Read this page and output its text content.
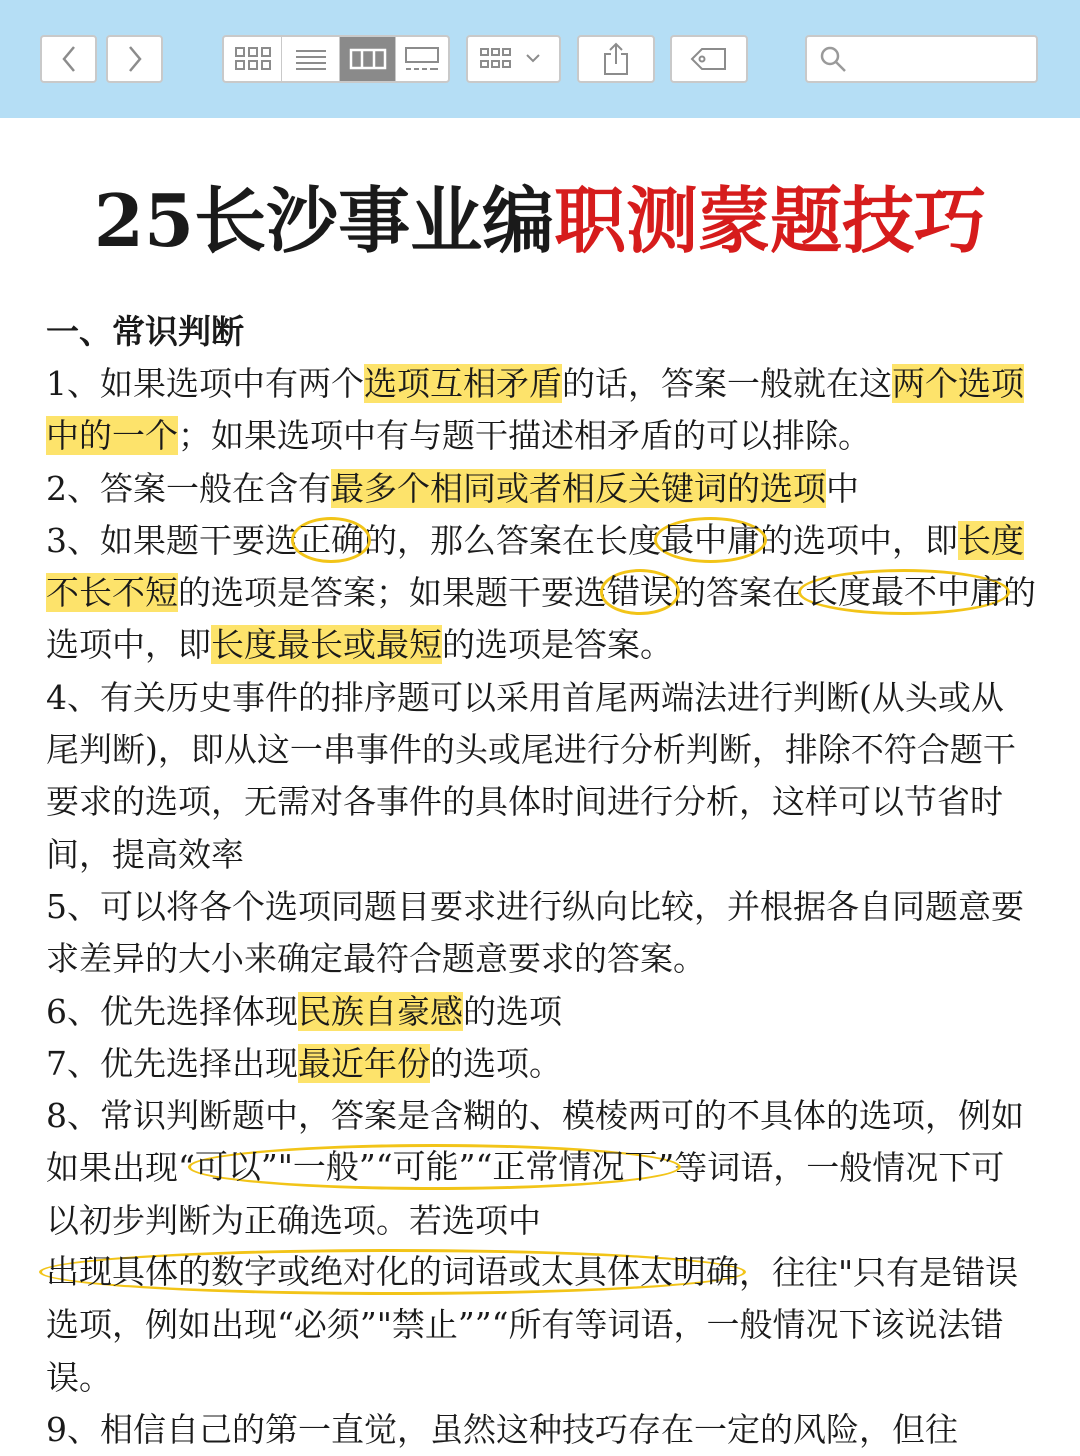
25长沙事业编职测蒙题技巧
一、常识判断
1、如果选项中有两个选项互相矛盾的话，答案一般就在这两个选项中的一个；如果选项中有与题干描述相矛盾的可以排除。
2、答案一般在含有最多个相同或者相反关键词的选项中
3、如果题干要选正确的，那么答案在长度最中庸的选项中，即长度不长不短的选项是答案；如果题干要选错误的答案在长度最不中庸的选项中，即长度最长或最短的选项是答案。
4、有关历史事件的排序题可以采用首尾两端法进行判断(从头或从尾判断)，即从这一串事件的头或尾进行分析判断，排除不符合题干要求的选项，无需对各事件的具体时间进行分析，这样可以节省时间，提高效率
5、可以将各个选项同题目要求进行纵向比较，并根据各自同题意要求差异的大小来确定最符合题意要求的答案。
6、优先选择体现民族自豪感的选项
7、优先选择出现最近年份的选项。
8、常识判断题中，答案是含糊的、模棱两可的不具体的选项，例如如果出现“可以”"一般”“可能”“正常情况下”等词语，一般情况下可以初步判断为正确选项。若选项中出现具体的数字或绝对化的词语或太具体太明确，往往"只有是错误选项，例如出现“必须”"禁止””“所有等词语，一般情况下该说法错误。
9、相信自己的第一直觉，虽然这种技巧存在一定的风险，但往
